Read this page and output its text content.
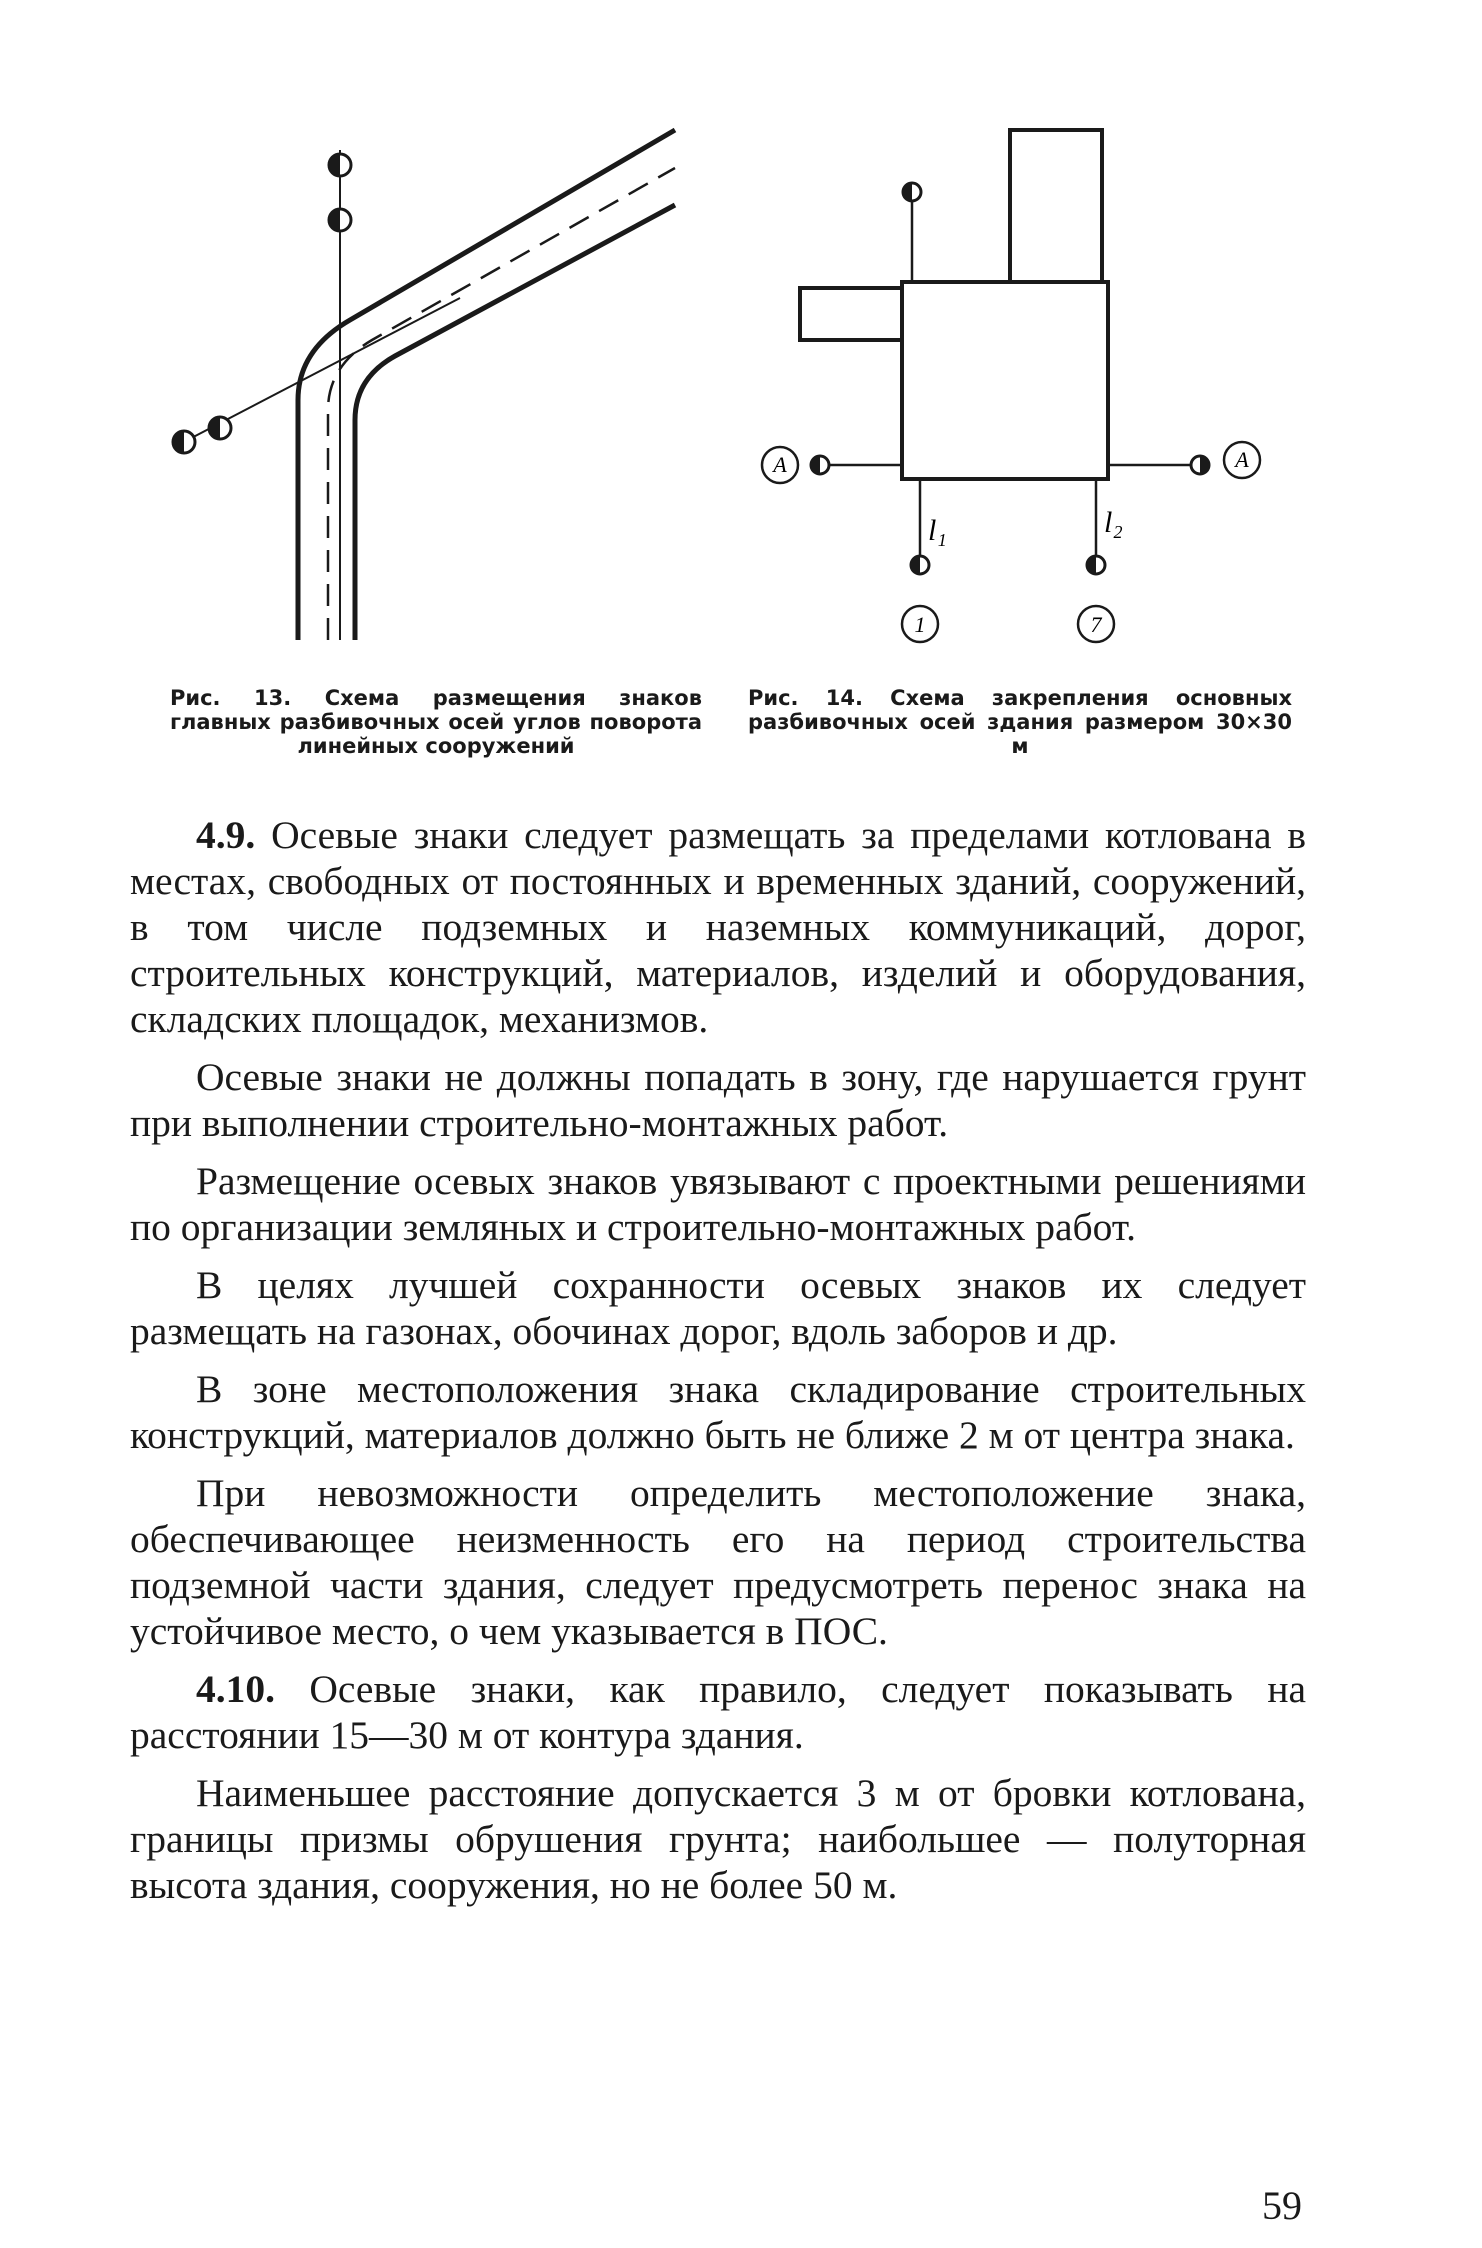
А	А
1	7
l₁	l₂
Рис. 13. Схема размещения знаков главных разбивочных осей углов поворота линейных сооружений
Рис. 14. Схема закрепления основных разбивочных осей здания размером 30×30 м

4.9. Осевые знаки следует размещать за пределами котлована в местах, свободных от постоянных и временных зданий, сооружений, в том числе подземных и наземных коммуникаций, дорог, строительных конструкций, материалов, изделий и оборудования, складских площадок, механизмов.

Осевые знаки не должны попадать в зону, где нарушается грунт при выполнении строительно-монтажных работ.

Размещение осевых знаков увязывают с проектными решениями по организации земляных и строительно-монтажных работ.

В целях лучшей сохранности осевых знаков их следует размещать на газонах, обочинах дорог, вдоль заборов и др.

В зоне местоположения знака складирование строительных конструкций, материалов должно быть не ближе 2 м от центра знака.

При невозможности определить местоположение знака, обеспечивающее неизменность его на период строительства подземной части здания, следует предусмотреть перенос знака на устойчивое место, о чем указывается в ПОС.

4.10. Осевые знаки, как правило, следует показывать на расстоянии 15—30 м от контура здания.

Наименьшее расстояние допускается 3 м от бровки котлована, границы призмы обрушения грунта; наибольшее — полуторная высота здания, сооружения, но не более 50 м.

59
